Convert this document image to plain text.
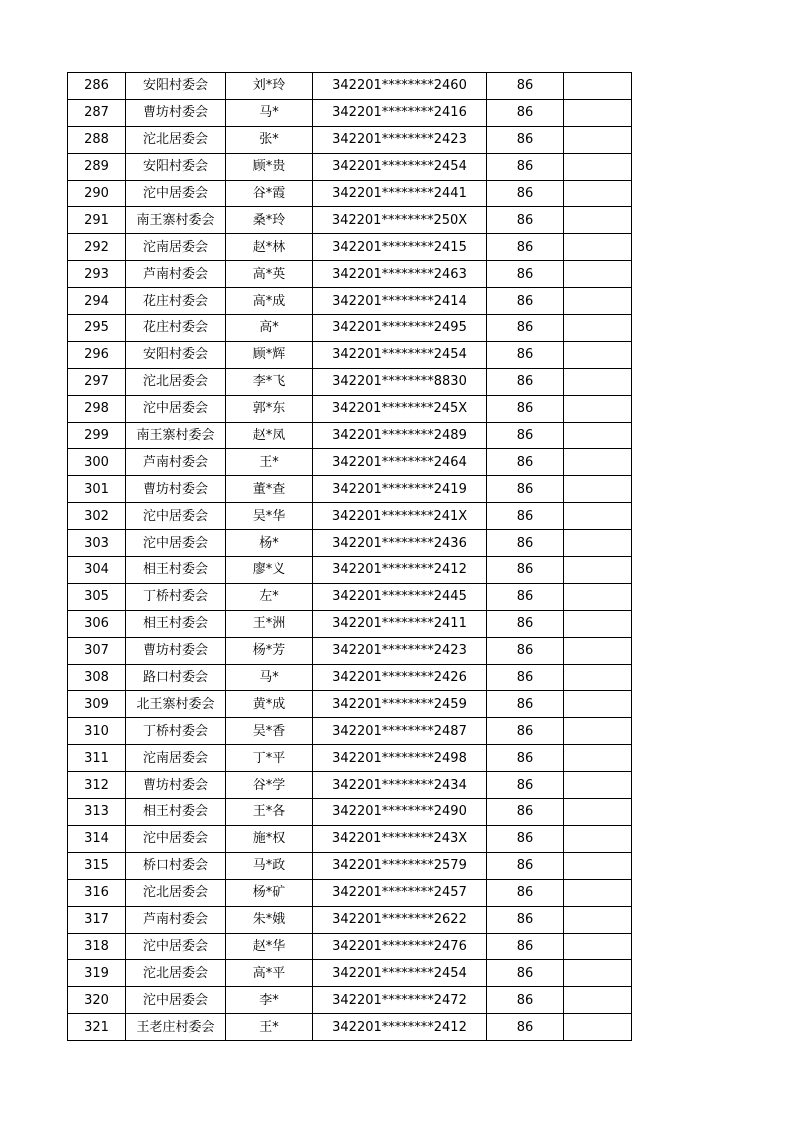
286	安阳村委会	刘*玲	342201********2460	86	
287	曹坊村委会	马*	342201********2416	86	
288	沱北居委会	张*	342201********2423	86	
289	安阳村委会	顾*贵	342201********2454	86	
290	沱中居委会	谷*霞	342201********2441	86	
291	南王寨村委会	桑*玲	342201********250X	86	
292	沱南居委会	赵*林	342201********2415	86	
293	芦南村委会	高*英	342201********2463	86	
294	花庄村委会	高*成	342201********2414	86	
295	花庄村委会	高*	342201********2495	86	
296	安阳村委会	顾*辉	342201********2454	86	
297	沱北居委会	李*飞	342201********8830	86	
298	沱中居委会	郭*东	342201********245X	86	
299	南王寨村委会	赵*凤	342201********2489	86	
300	芦南村委会	王*	342201********2464	86	
301	曹坊村委会	董*查	342201********2419	86	
302	沱中居委会	吴*华	342201********241X	86	
303	沱中居委会	杨*	342201********2436	86	
304	相王村委会	廖*义	342201********2412	86	
305	丁桥村委会	左*	342201********2445	86	
306	相王村委会	王*洲	342201********2411	86	
307	曹坊村委会	杨*芳	342201********2423	86	
308	路口村委会	马*	342201********2426	86	
309	北王寨村委会	黄*成	342201********2459	86	
310	丁桥村委会	吴*香	342201********2487	86	
311	沱南居委会	丁*平	342201********2498	86	
312	曹坊村委会	谷*学	342201********2434	86	
313	相王村委会	王*各	342201********2490	86	
314	沱中居委会	施*权	342201********243X	86	
315	桥口村委会	马*政	342201********2579	86	
316	沱北居委会	杨*矿	342201********2457	86	
317	芦南村委会	朱*娥	342201********2622	86	
318	沱中居委会	赵*华	342201********2476	86	
319	沱北居委会	高*平	342201********2454	86	
320	沱中居委会	李*	342201********2472	86	
321	王老庄村委会	王*	342201********2412	86	
